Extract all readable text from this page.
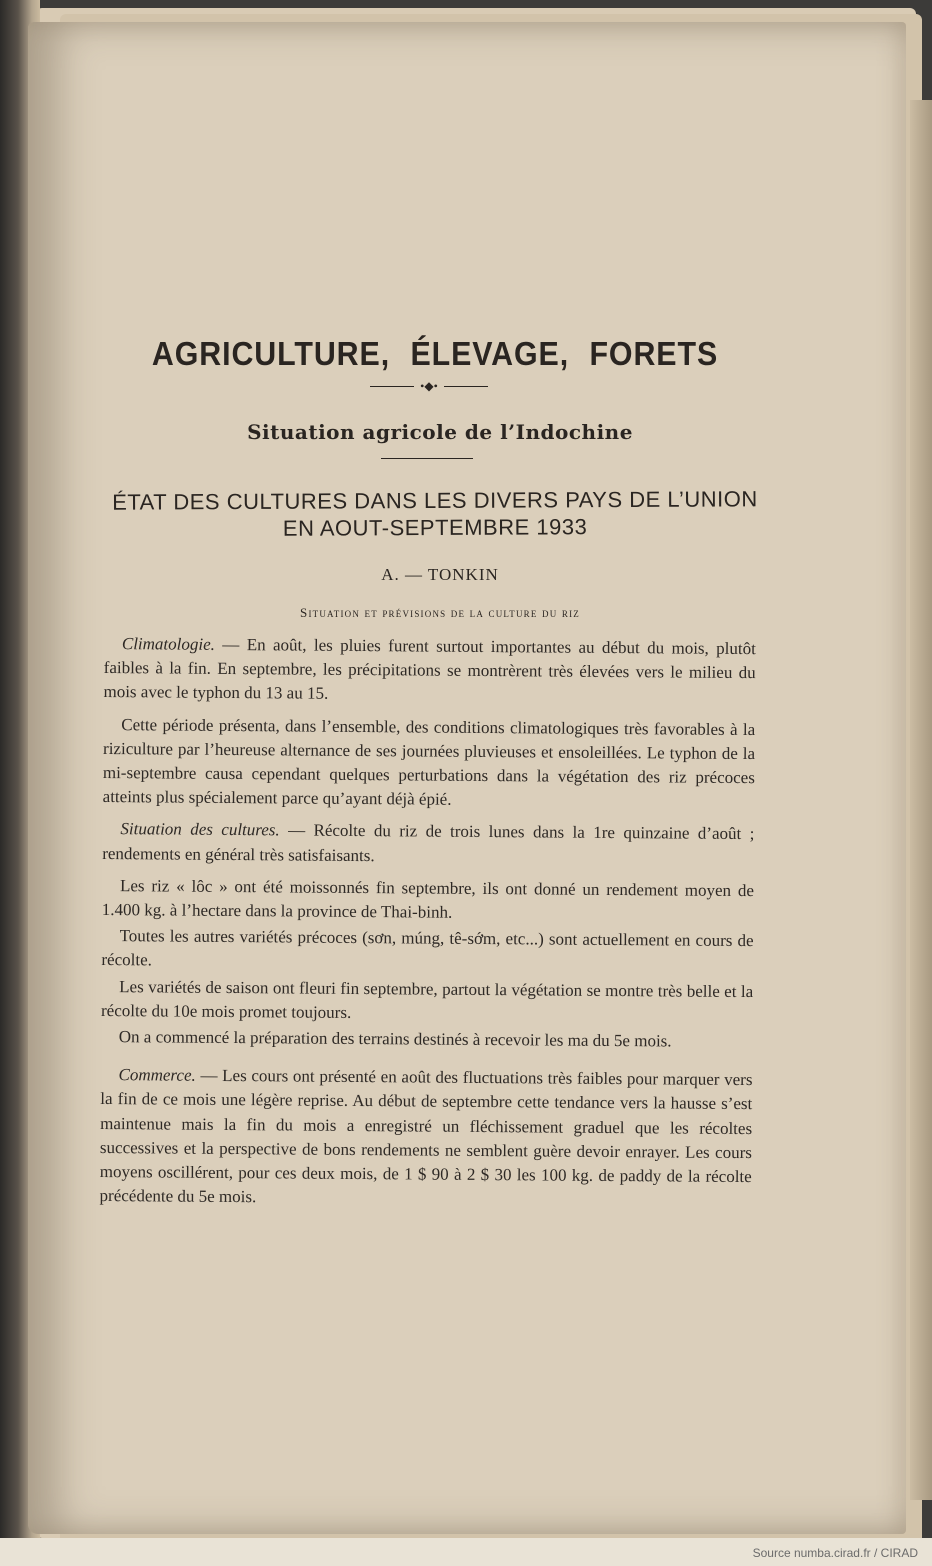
AGRICULTURE, ÉLEVAGE, FORETS
•◆•
Situation agricole de l’Indochine
ÉTAT DES CULTURES DANS LES DIVERS PAYS DE L’UNION
EN AOUT-SEPTEMBRE 1933
A. — TONKIN
Situation et prévisions de la culture du riz

Climatologie. — En août, les pluies furent surtout importantes au début du mois, plutôt faibles à la fin. En septembre, les précipitations se montrèrent très élevées vers le milieu du mois avec le typhon du 13 au 15.

Cette période présenta, dans l’ensemble, des conditions climatologiques très favorables à la riziculture par l’heureuse alternance de ses journées pluvieuses et ensoleillées. Le typhon de la mi-septembre causa cependant quelques perturbations dans la végétation des riz précoces atteints plus spécialement parce qu’ayant déjà épié.

Situation des cultures. — Récolte du riz de trois lunes dans la 1re quinzaine d’août ; rendements en général très satisfaisants.

Les riz « lôc » ont été moissonnés fin septembre, ils ont donné un rendement moyen de 1.400 kg. à l’hectare dans la province de Thai-binh.

Toutes les autres variétés précoces (sơn, múng, tê-sớm, etc...) sont actuellement en cours de récolte.

Les variétés de saison ont fleuri fin septembre, partout la végétation se montre très belle et la récolte du 10e mois promet toujours.

On a commencé la préparation des terrains destinés à recevoir les ma du 5e mois.

Commerce. — Les cours ont présenté en août des fluctuations très faibles pour marquer vers la fin de ce mois une légère reprise. Au début de septembre cette tendance vers la hausse s’est maintenue mais la fin du mois a enregistré un fléchissement graduel que les récoltes successives et la perspective de bons rendements ne semblent guère devoir enrayer. Les cours moyens oscillérent, pour ces deux mois, de 1 $ 90 à 2 $ 30 les 100 kg. de paddy de la récolte précédente du 5e mois.

Source numba.cirad.fr / CIRAD
